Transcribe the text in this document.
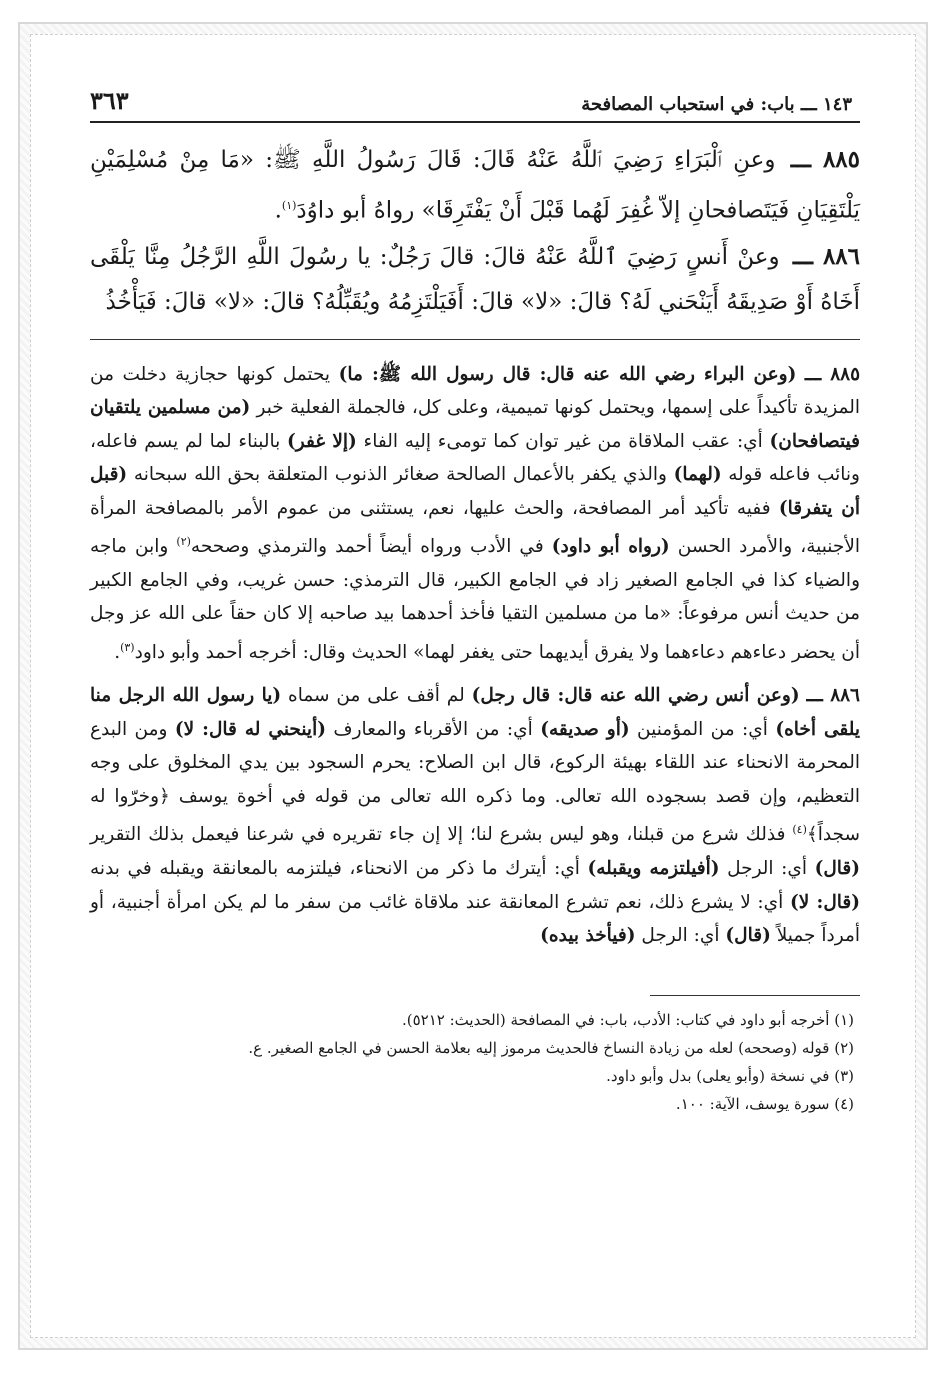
١٤٣ ـــ باب: في استحباب المصافحة
٣٦٣

٨٨٥ ـــ وعنِ ٱلْبَرَاءِ رَضِيَ ٱللَّهُ عَنْهُ قَالَ: قَالَ رَسُولُ اللَّهِ ﷺ: «مَا مِنْ مُسْلِمَيْنِ يَلْتَقِيَانِ فَيَتَصافحانِ إلاّ غُفِرَ لَهُما قَبْلَ أَنْ يَفْتَرِقَا» رواهُ أبو داوُدَ$^{(١)}$.

٨٨٦ ـــ وعنْ أَنسٍ رَضِيَ ٱللَّهُ عَنْهُ قالَ: قالَ رَجُلٌ: يا رسُولَ اللَّهِ الرَّجُلُ مِنَّا يَلْقَى أَخَاهُ أَوْ صَدِيقَهُ أَيَنْحَني لَهُ؟ قالَ: «لا» قالَ: أَفَيَلْتَزِمُهُ ويُقَبِّلُهُ؟ قالَ: «لا» قالَ: فَيَأْخُذُ

٨٨٥ ـــ (وعن البراء رضي الله عنه قال: قال رسول الله ﷺ: ما) يحتمل كونها حجازية دخلت من المزيدة تأكيداً على إسمها، ويحتمل كونها تميمية، وعلى كل، فالجملة الفعلية خبر (من مسلمين يلتقيان فيتصافحان) أي: عقب الملاقاة من غير توان كما تومىء إليه الفاء (إلا غفر) بالبناء لما لم يسم فاعله، ونائب فاعله قوله (لهما) والذي يكفر بالأعمال الصالحة صغائر الذنوب المتعلقة بحق الله سبحانه (قبل أن يتفرقا) ففيه تأكيد أمر المصافحة، والحث عليها، نعم، يستثنى من عموم الأمر بالمصافحة المرأة الأجنبية، والأمرد الحسن (رواه أبو داود) في الأدب ورواه أيضاً أحمد والترمذي وصححه$^{(٢)}$ وابن ماجه والضياء كذا في الجامع الصغير زاد في الجامع الكبير، قال الترمذي: حسن غريب، وفي الجامع الكبير من حديث أنس مرفوعاً: «ما من مسلمين التقيا فأخذ أحدهما بيد صاحبه إلا كان حقاً على الله عز وجل أن يحضر دعاءهم دعاءهما ولا يفرق أيديهما حتى يغفر لهما» الحديث وقال: أخرجه أحمد وأبو داود$^{(٣)}$.

٨٨٦ ـــ (وعن أنس رضي الله عنه قال: قال رجل) لم أقف على من سماه (يا رسول الله الرجل منا يلقى أخاه) أي: من المؤمنين (أو صديقه) أي: من الأقرباء والمعارف (أينحني له قال: لا) ومن البدع المحرمة الانحناء عند اللقاء بهيئة الركوع، قال ابن الصلاح: يحرم السجود بين يدي المخلوق على وجه التعظيم، وإن قصد بسجوده الله تعالى. وما ذكره الله تعالى من قوله في أخوة يوسف ﴿وخرّوا له سجداً﴾$^{(٤)}$ فذلك شرع من قبلنا، وهو ليس بشرع لنا؛ إلا إن جاء تقريره في شرعنا فيعمل بذلك التقرير (قال) أي: الرجل (أفيلتزمه ويقبله) أي: أيترك ما ذكر من الانحناء، فيلتزمه بالمعانقة ويقبله في بدنه (قال: لا) أي: لا يشرع ذلك، نعم تشرع المعانقة عند ملاقاة غائب من سفر ما لم يكن امرأة أجنبية، أو أمرداً جميلاً (قال) أي: الرجل (فيأخذ بيده)

(١) أخرجه أبو داود في كتاب: الأدب، باب: في المصافحة (الحديث: ٥٢١٢).

(٢) قوله (وصححه) لعله من زيادة النساخ فالحديث مرموز إليه بعلامة الحسن في الجامع الصغير. ع.

(٣) في نسخة (وأبو يعلى) بدل وأبو داود.

(٤) سورة يوسف، الآية: ١٠٠.
